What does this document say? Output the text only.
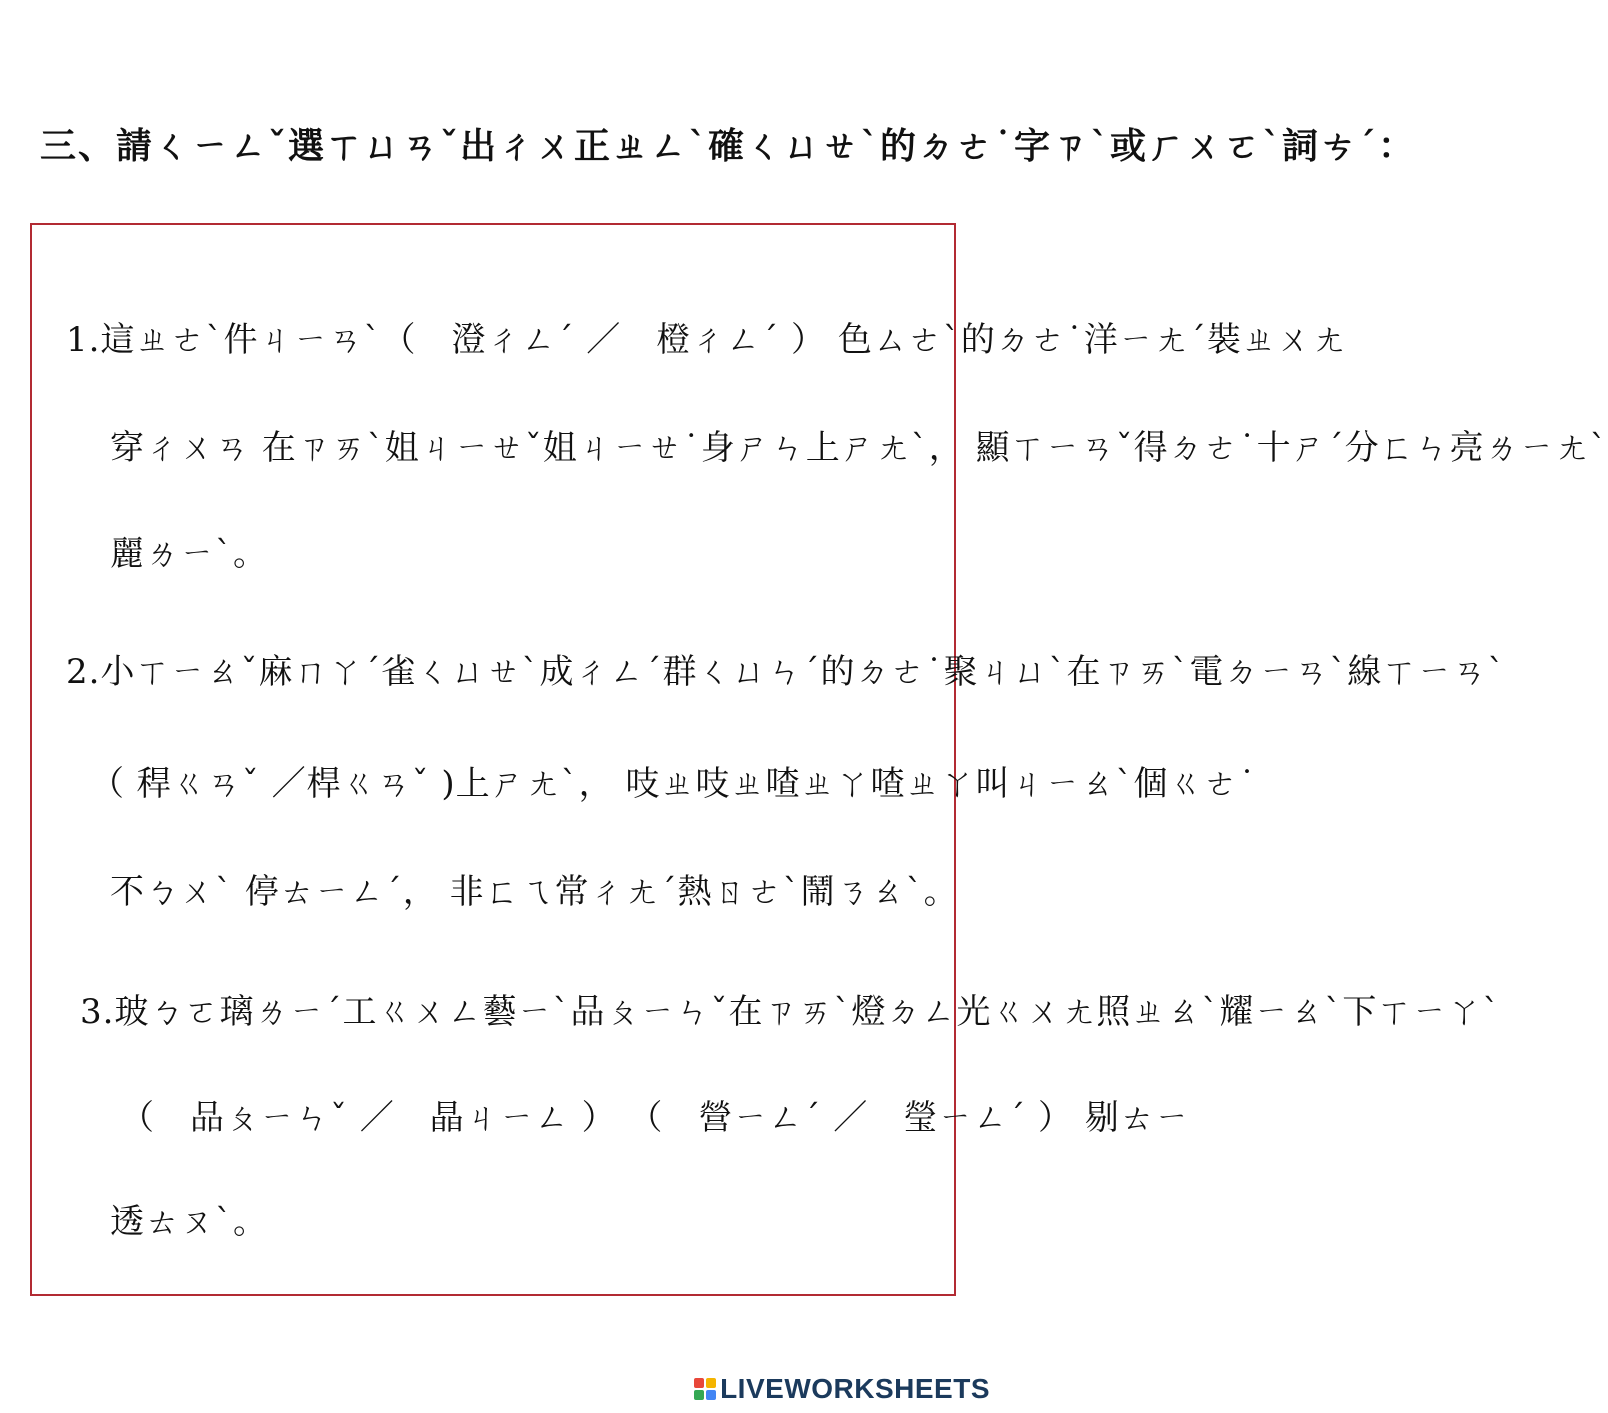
三、請ㄑㄧㄥˇ選ㄒㄩㄢˇ出ㄔㄨ正ㄓㄥˋ確ㄑㄩㄝˋ的ㄉㄜ˙字ㄗˋ或ㄏㄨㄛˋ詞ㄘˊ：
1.這ㄓㄜˋ件ㄐㄧㄢˋ（　澄ㄔㄥˊ ／　橙ㄔㄥˊ ） 色ㄙㄜˋ的ㄉㄜ˙洋ㄧㄤˊ裝ㄓㄨㄤ
穿ㄔㄨㄢ 在ㄗㄞˋ姐ㄐㄧㄝˇ姐ㄐㄧㄝ˙身ㄕㄣ上ㄕㄤˋ， 顯ㄒㄧㄢˇ得ㄉㄜ˙十ㄕˊ分ㄈㄣ亮ㄌㄧㄤˋ
麗ㄌㄧˋ。
2.小ㄒㄧㄠˇ麻ㄇㄚˊ雀ㄑㄩㄝˋ成ㄔㄥˊ群ㄑㄩㄣˊ的ㄉㄜ˙聚ㄐㄩˋ在ㄗㄞˋ電ㄉㄧㄢˋ線ㄒㄧㄢˋ
（ 稈ㄍㄢˇ ／桿ㄍㄢˇ )上ㄕㄤˋ， 吱ㄓ吱ㄓ喳ㄓㄚ喳ㄓㄚ叫ㄐㄧㄠˋ個ㄍㄜ˙
不ㄅㄨˋ 停ㄊㄧㄥˊ， 非ㄈㄟ常ㄔㄤˊ熱ㄖㄜˋ鬧ㄋㄠˋ。
3.玻ㄅㄛ璃ㄌㄧˊ工ㄍㄨㄥ藝ㄧˋ品ㄆㄧㄣˇ在ㄗㄞˋ燈ㄉㄥ光ㄍㄨㄤ照ㄓㄠˋ耀ㄧㄠˋ下ㄒㄧㄚˋ
（　品ㄆㄧㄣˇ ／　晶ㄐㄧㄥ ） （　營ㄧㄥˊ ／　瑩ㄧㄥˊ ） 剔ㄊㄧ
透ㄊㄡˋ。
LIVEWORKSHEETS
